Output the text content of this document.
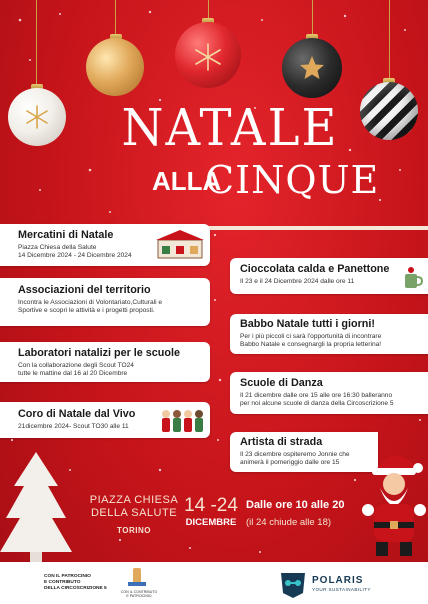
NATALE
ALLA
CINQUE
Mercatini di Natale
Piazza Chiesa della Salute
14 Dicembre 2024 - 24 Dicembre 2024
Associazioni del territorio
Incontra le Associazioni di Volontariato,Culturali e
Sportive e scopri le attività e i progetti proposti.
Laboratori natalizi per le scuole
Con la collaborazione degli Scout TO24
tutte le mattine dal 16 al 20 Dicembre
Coro di Natale dal Vivo
21dicembre 2024- Scout TO30 alle 11
Cioccolata calda e Panettone
Il 23 e il 24 Dicembre 2024 dalle ore 11
Babbo Natale tutti i giorni!
Per i più piccoli ci sarà l'opportunità di incontrare
Babbo Natale e consegnargli la propria letterina!
Scuole di Danza
Il 21 dicembre dalle ore 15 alle ore 16:30 balleranno
per noi alcune scuole di danza della Circoscrizione 5
Artista di strada
Il 23 dicembre ospiteremo Jonnie che
animerà il pomeriggio dalle ore 15
PIAZZA CHIESA
DELLA SALUTE
TORINO
14 -24
DICEMBRE
Dalle ore 10 alle 20
(il 24 chiude alle 18)
CON IL PATROCINIO
E CONTRIBUTO
DELLA CIRCOSCRIZIONE 5
CON IL CONTRIBUTO
E PATROCINIO
POLARIS
YOUR SUSTAINABILITY
